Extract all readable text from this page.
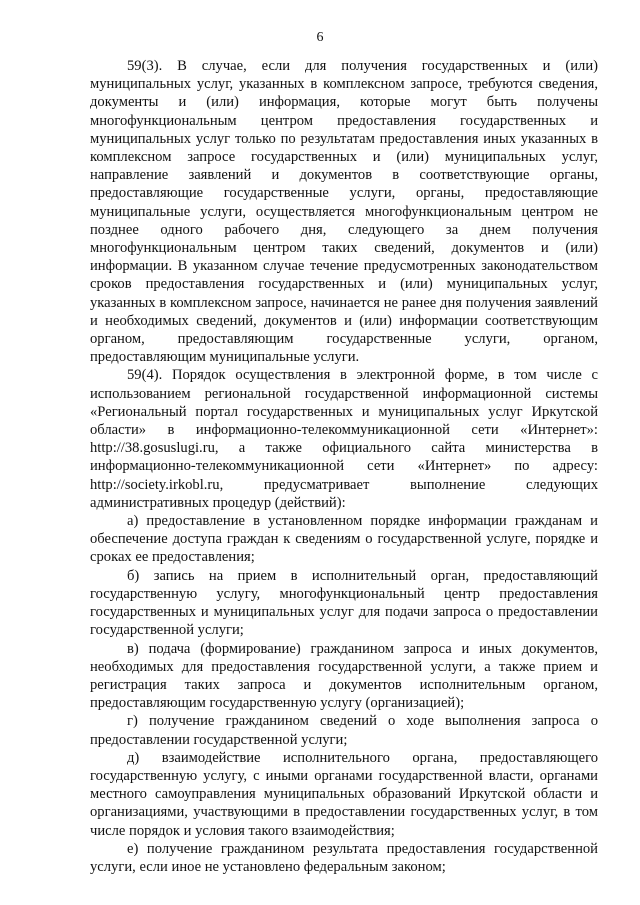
6

59(3). В случае, если для получения государственных и (или) муниципальных услуг, указанных в комплексном запросе, требуются сведения, документы и (или) информация, которые могут быть получены многофункциональным центром предоставления государственных и муниципальных услуг только по результатам предоставления иных указанных в комплексном запросе государственных и (или) муниципальных услуг, направление заявлений и документов в соответствующие органы, предоставляющие государственные услуги, органы, предоставляющие муниципальные услуги, осуществляется многофункциональным центром не позднее одного рабочего дня, следующего за днем получения многофункциональным центром таких сведений, документов и (или) информации. В указанном случае течение предусмотренных законодательством сроков предоставления государственных и (или) муниципальных услуг, указанных в комплексном запросе, начинается не ранее дня получения заявлений и необходимых сведений, документов и (или) информации соответствующим органом, предоставляющим государственные услуги, органом, предоставляющим муниципальные услуги.

59(4). Порядок осуществления в электронной форме, в том числе с использованием региональной государственной информационной системы «Региональный портал государственных и муниципальных услуг Иркутской области» в информационно-телекоммуникационной сети «Интернет»: http://38.gosuslugi.ru, а также официального сайта министерства в информационно-телекоммуникационной сети «Интернет» по адресу: http://society.irkobl.ru, предусматривает выполнение следующих административных процедур (действий):

а) предоставление в установленном порядке информации гражданам и обеспечение доступа граждан к сведениям о государственной услуге, порядке и сроках ее предоставления;

б) запись на прием в исполнительный орган, предоставляющий государственную услугу, многофункциональный центр предоставления государственных и муниципальных услуг для подачи запроса о предоставлении государственной услуги;

в) подача (формирование) гражданином запроса и иных документов, необходимых для предоставления государственной услуги, а также прием и регистрация таких запроса и документов исполнительным органом, предоставляющим государственную услугу (организацией);

г) получение гражданином сведений о ходе выполнения запроса о предоставлении государственной услуги;

д) взаимодействие исполнительного органа, предоставляющего государственную услугу, с иными органами государственной власти, органами местного самоуправления муниципальных образований Иркутской области и организациями, участвующими в предоставлении государственных услуг, в том числе порядок и условия такого взаимодействия;

е) получение гражданином результата предоставления государственной услуги, если иное не установлено федеральным законом;
